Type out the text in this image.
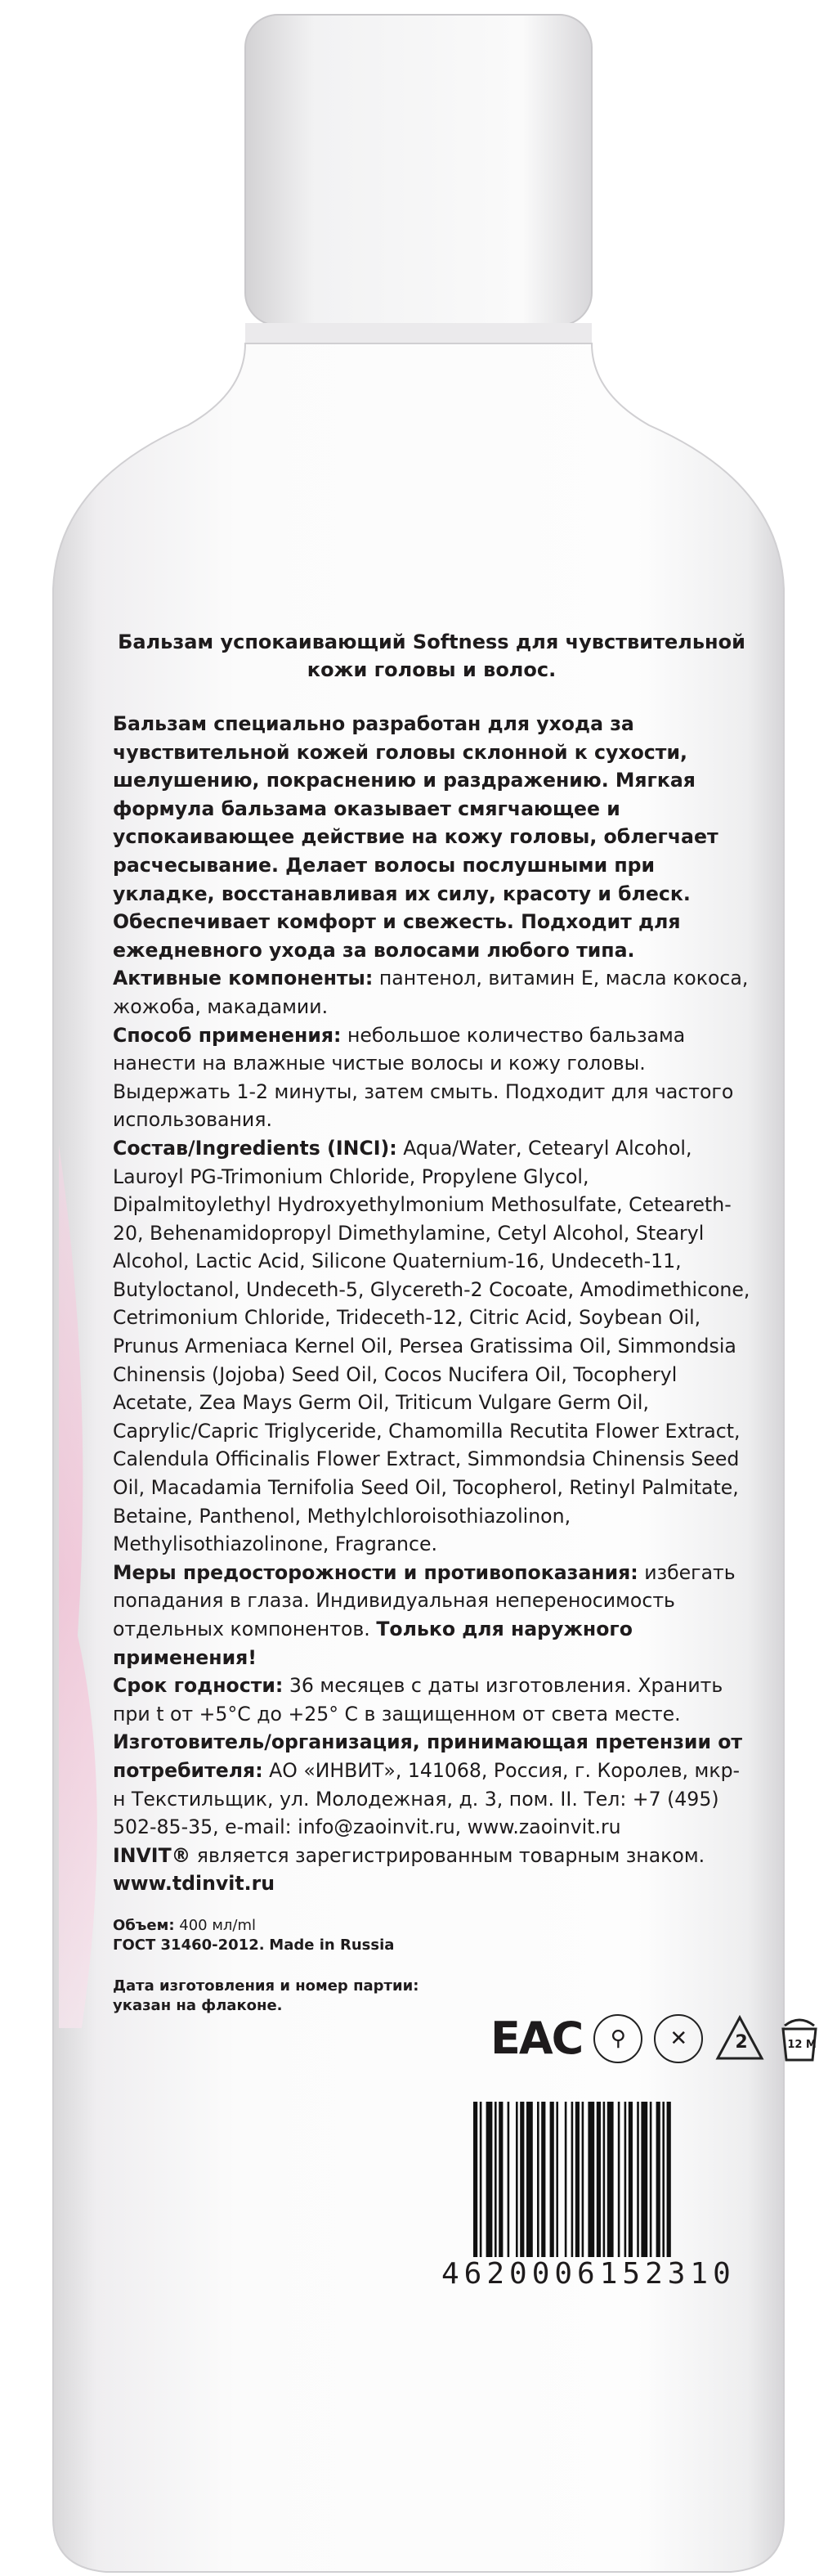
Бальзам успокаивающий Softness для чувствительной
кожи головы и волос.

Бальзам специально разработан для ухода за чувствительной кожей головы склонной к сухости, шелушению, покраснению и раздражению. Мягкая формула бальзама оказывает смягчающее и успокаивающее действие на кожу головы, облегчает расчесывание. Делает волосы послушными при укладке, восстанавливая их силу, красоту и блеск. Обеспечивает комфорт и свежесть. Подходит для ежедневного ухода за волосами любого типа.

Активные компоненты: пантенол, витамин Е, масла кокоса, жожоба, макадамии.

Способ применения: небольшое количество бальзама нанести на влажные чистые волосы и кожу головы. Выдержать 1-2 минуты, затем смыть. Подходит для частого использования.

Состав/Ingredients (INCI): Aqua/Water, Cetearyl Alcohol, Lauroyl PG-Trimonium Chloride, Propylene Glycol, Dipalmitoylethyl Hydroxyethylmonium Methosulfate, Ceteareth-20, Behenamidopropyl Dimethylamine, Cetyl Alcohol, Stearyl Alcohol, Lactic Acid, Silicone Quaternium-16, Undeceth-11, Butyloctanol, Undeceth-5, Glycereth-2 Cocoate, Amodimethicone, Cetrimonium Chloride, Trideceth-12, Citric Acid, Soybean Oil, Prunus Armeniaca Kernel Oil, Persea Gratissima Oil, Simmondsia Chinensis (Jojoba) Seed Oil, Cocos Nucifera Oil, Tocopheryl Acetate, Zea Mays Germ Oil, Triticum Vulgare Germ Oil, Caprylic/Capric Triglyceride, Chamomilla Recutita Flower Extract, Calendula Officinalis Flower Extract, Simmondsia Chinensis Seed Oil, Macadamia Ternifolia Seed Oil, Tocopherol, Retinyl Palmitate, Betaine, Panthenol, Methylchloroisothiazolinon, Methylisothiazolinone, Fragrance.

Меры предосторожности и противопоказания: избегать попадания в глаза. Индивидуальная непереносимость отдельных компонентов. Только для наружного применения!

Срок годности: 36 месяцев с даты изготовления. Хранить при t от +5°C до +25° C в защищенном от света месте.

Изготовитель/организация, принимающая претензии от потребителя: АО «ИНВИТ», 141068, Россия, г. Королев, мкр-н Текстильщик, ул. Молодежная, д. 3, пом. II. Тел: +7 (495) 502-85-35, e-mail: info@zaoinvit.ru, www.zaoinvit.ru

INVIT® является зарегистрированным товарным знаком.

www.tdinvit.ru

Объем: 400 мл/ml
ГОСТ 31460-2012. Made in Russia
Дата изготовления и номер партии: указан на флаконе.
EAC	⚲	✕	2	12 M
4620006152310
